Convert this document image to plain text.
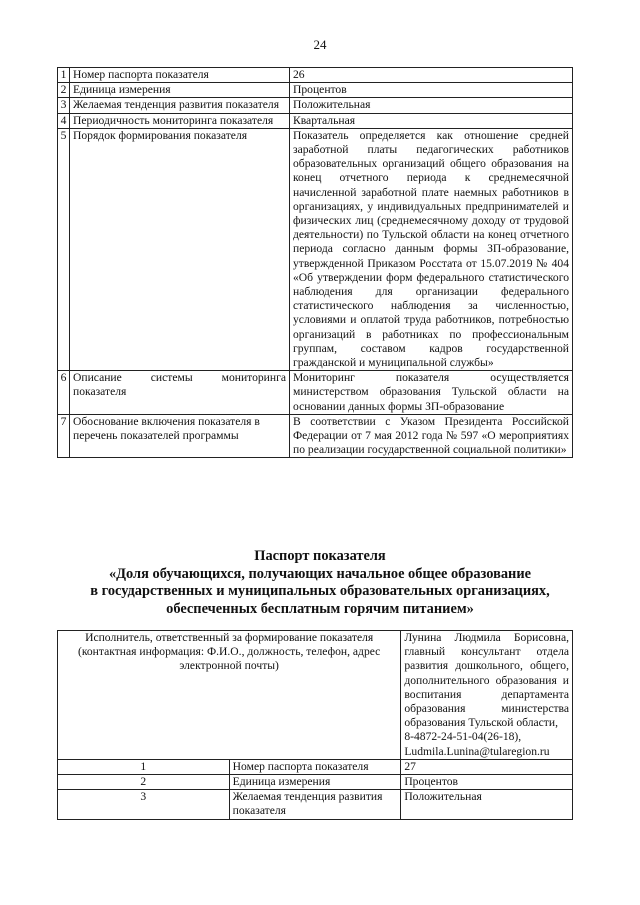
24
1	Номер паспорта показателя	26
2	Единица измерения	Процентов
3	Желаемая тенденция развития показателя	Положительная
4	Периодичность мониторинга показателя	Квартальная
5	Порядок формирования показателя	Показатель определяется как отношение средней заработной платы педагогических работников образовательных организаций общего образования на конец отчетного периода к среднемесячной начисленной заработной плате наемных работников в организациях, у индивидуальных предпринимателей и физических лиц (среднемесячному доходу от трудовой деятельности) по Тульской области на конец отчетного периода согласно данным формы ЗП-образование, утвержденной Приказом Росстата от 15.07.2019 № 404 «Об утверждении форм федерального статистического наблюдения для организации федерального статистического наблюдения за численностью, условиями и оплатой труда работников, потребностью организаций в работниках по профессиональным группам, составом кадров государственной гражданской и муниципальной службы»
6	Описание системы мониторинга показателя	Мониторинг показателя осуществляется министерством образования Тульской области на основании данных формы ЗП-образование
7	Обоснование включения показателя в перечень показателей программы	В соответствии с Указом Президента Российской Федерации от 7 мая 2012 года № 597 «О мероприятиях по реализации государственной социальной политики»
Паспорт показателя
«Доля обучающихся, получающих начальное общее образование
в государственных и муниципальных образовательных организациях,
обеспеченных бесплатным горячим питанием»
Исполнитель, ответственный за формирование показателя (контактная информация: Ф.И.О., должность, телефон, адрес электронной почты)		Лунина Людмила Борисовна, главный консультант отдела развития дошкольного, общего, дополнительного образования и воспитания департамента образования министерства образования Тульской области,
8-4872-24-51-04(26-18),
Ludmila.Lunina@tularegion.ru

1	Номер паспорта показателя	27
2	Единица измерения	Процентов
3	Желаемая тенденция развития показателя	Положительная
